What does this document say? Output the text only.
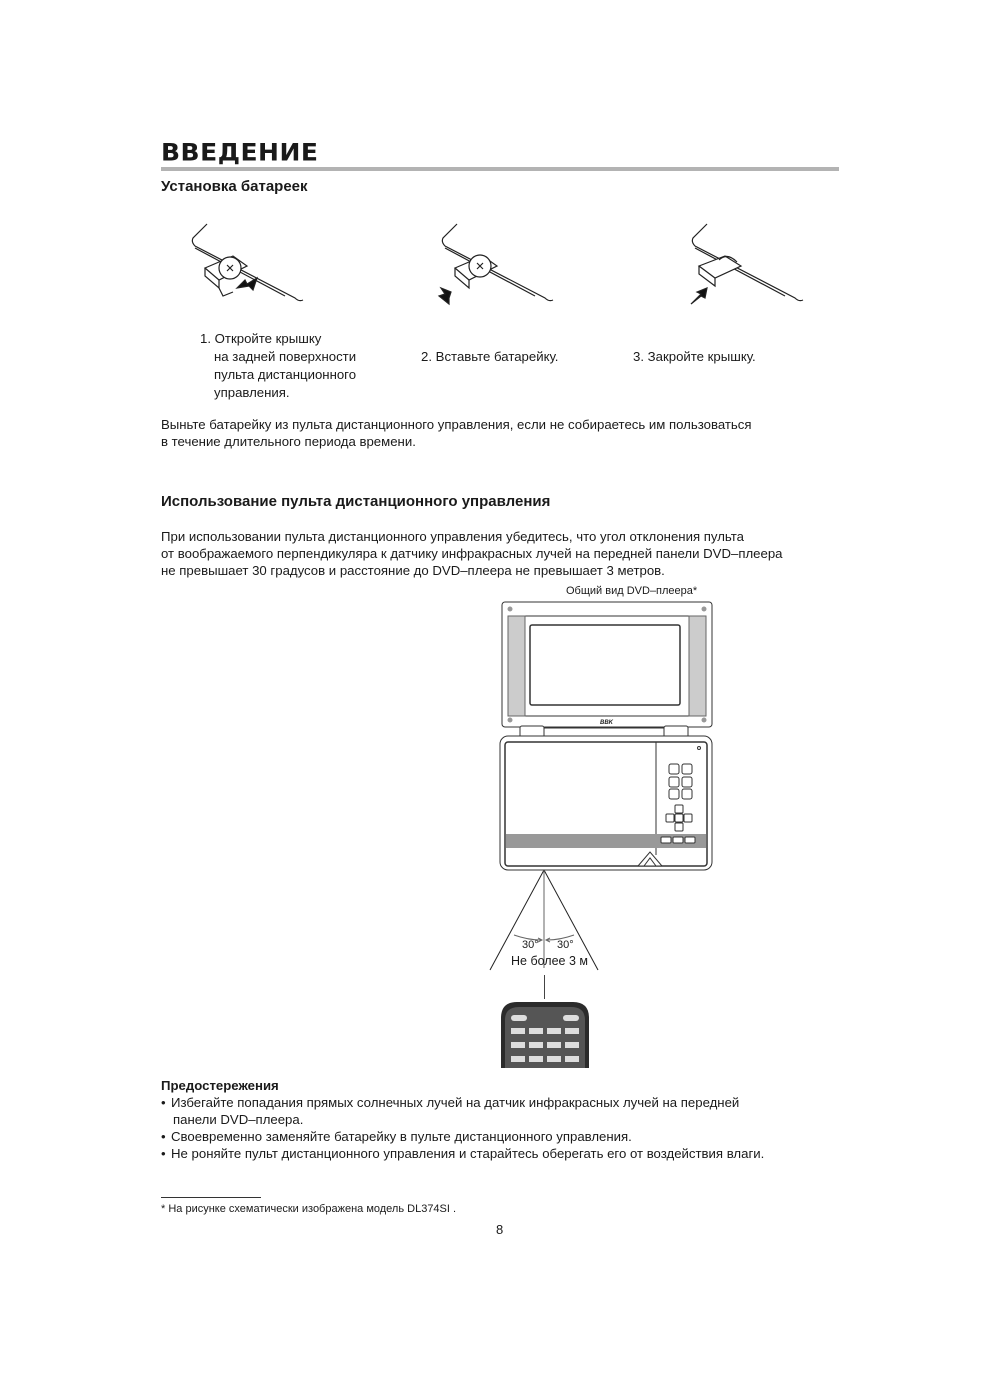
ВВЕДЕНИЕ
Установка батареек
1. Откройте крышку
на задней поверхности
пульта дистанционного
управления.
2. Вставьте батарейку.	3. Закройте крышку.
Выньте батарейку из пульта дистанционного управления, если не собираетесь им пользоваться
в течение длительного периода времени.
Использование пульта дистанционного управления
При использовании пульта дистанционного управления убедитесь, что угол отклонения пульта
от воображаемого перпендикуляра к датчику инфракрасных лучей на передней панели DVD–плеера
не превышает 30 градусов и расстояние до DVD–плеера не превышает 3 метров.
Общий вид DVD–плеера*
BBK
30° 30°
Не более 3 м
Предостережения
• Избегайте попадания прямых солнечных лучей на датчик инфракрасных лучей на передней
панели DVD–плеера.
• Своевременно заменяйте батарейку в пульте дистанционного управления.
• Не роняйте пульт дистанционного управления и старайтесь оберегать его от воздействия влаги.
* На рисунке схематически изображена модель DL374SI .
8
